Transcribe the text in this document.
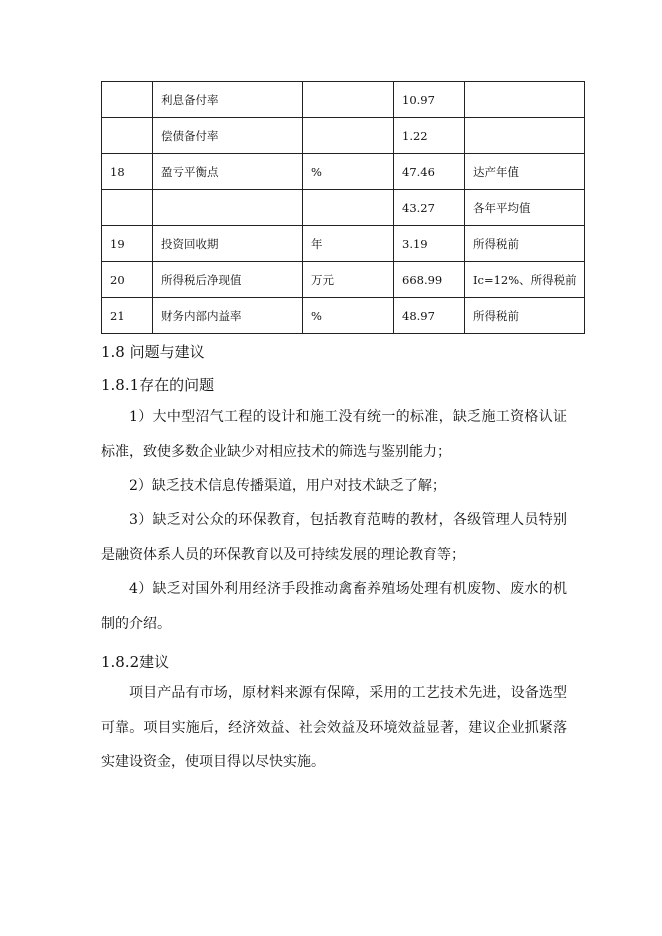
	利息备付率		10.97	
	偿债备付率		1.22	
18	盈亏平衡点	%	47.46	达产年值
			43.27	各年平均值
19	投资回收期	年	3.19	所得税前
20	所得税后净现值	万元	668.99	Ic=12%、所得税前
21	财务内部内益率	%	48.97	所得税前
1.8 问题与建议
1.8.1存在的问题
1）大中型沼气工程的设计和施工没有统一的标准，缺乏施工资格认证标准，致使多数企业缺少对相应技术的筛选与鉴别能力；
2）缺乏技术信息传播渠道，用户对技术缺乏了解；
3）缺乏对公众的环保教育，包括教育范畴的教材，各级管理人员特别是融资体系人员的环保教育以及可持续发展的理论教育等；
4）缺乏对国外利用经济手段推动禽畜养殖场处理有机废物、废水的机制的介绍。
1.8.2建议
项目产品有市场，原材料来源有保障，采用的工艺技术先进，设备选型可靠。项目实施后，经济效益、社会效益及环境效益显著，建议企业抓紧落实建设资金，使项目得以尽快实施。
